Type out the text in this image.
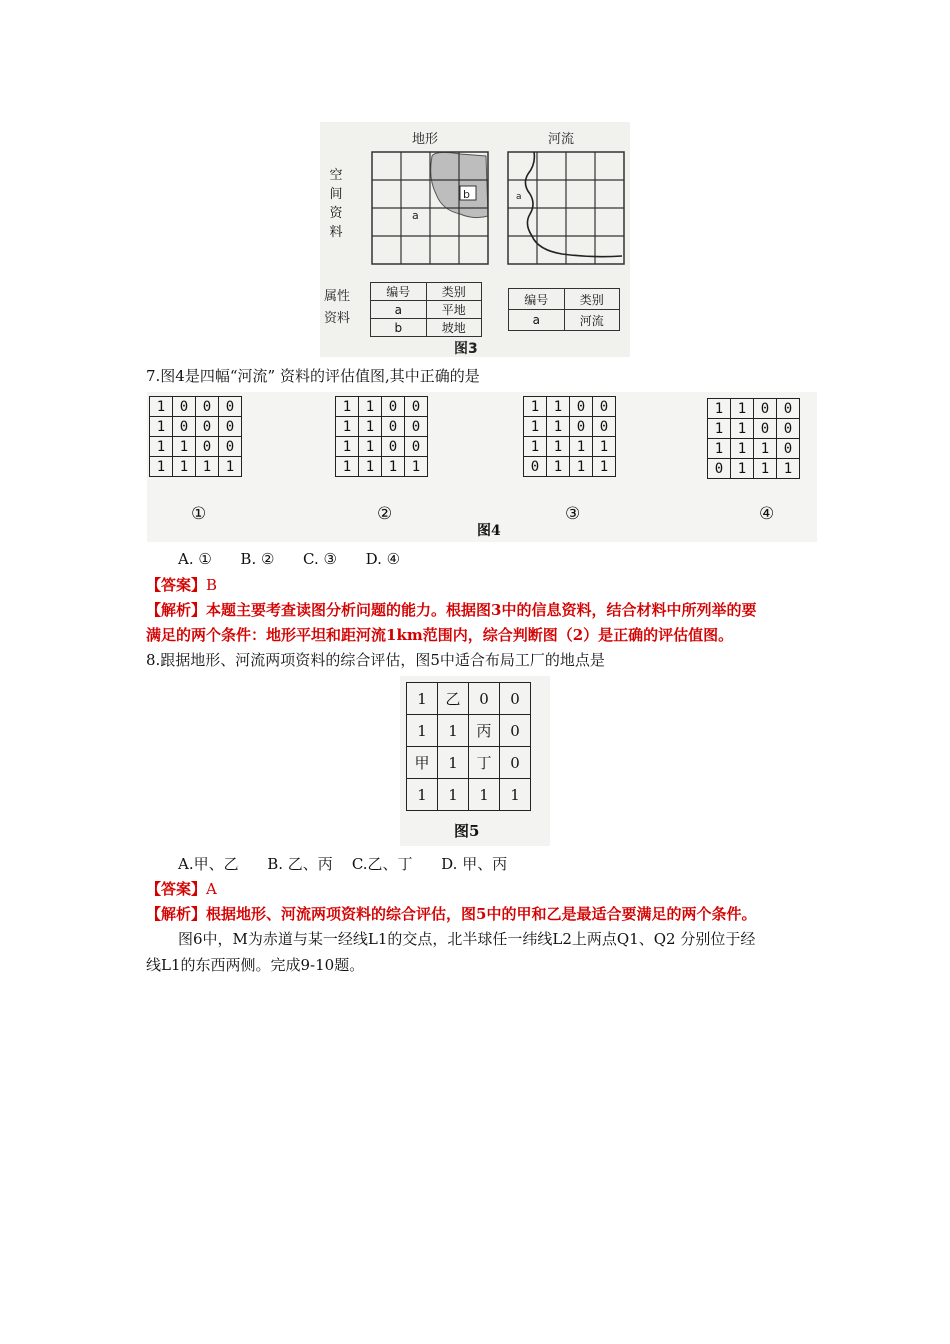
地形	河流
空
间
资
料
a
b	a
属性
资料
编号	类别
a	平地
b	坡地
编号	类别
a	河流
图3
7.图4是四幅“河流” 资料的评估值图,其中正确的是
1	0	0	0
1	0	0	0
1	1	0	0
1	1	1	1
①
1	1	0	0
1	1	0	0
1	1	0	0
1	1	1	1
②
1	1	0	0
1	1	0	0
1	1	1	1
0	1	1	1
③
图4
1	1	0	0
1	1	0	0
1	1	1	0
0	1	1	1
④
A. ①      B. ②      C. ③      D. ④
【答案】B
【解析】本题主要考查读图分析问题的能力。根据图3中的信息资料，结合材料中所列举的要
满足的两个条件：地形平坦和距河流1km范围内，综合判断图（2）是正确的评估值图。
8.跟据地形、河流两项资料的综合评估，图5中适合布局工厂的地点是
1	乙	0	0
1	1	丙	0
甲	1	丁	0
1	1	1	1
图5
A.甲、乙      B. 乙、丙    C.乙、丁      D. 甲、丙
【答案】A
【解析】根据地形、河流两项资料的综合评估，图5中的甲和乙是最适合要满足的两个条件。
图6中，M为赤道与某一经线L1的交点，北半球任一纬线L2上两点Q1、Q2 分别位于经
线L1的东西两侧。完成9-10题。
